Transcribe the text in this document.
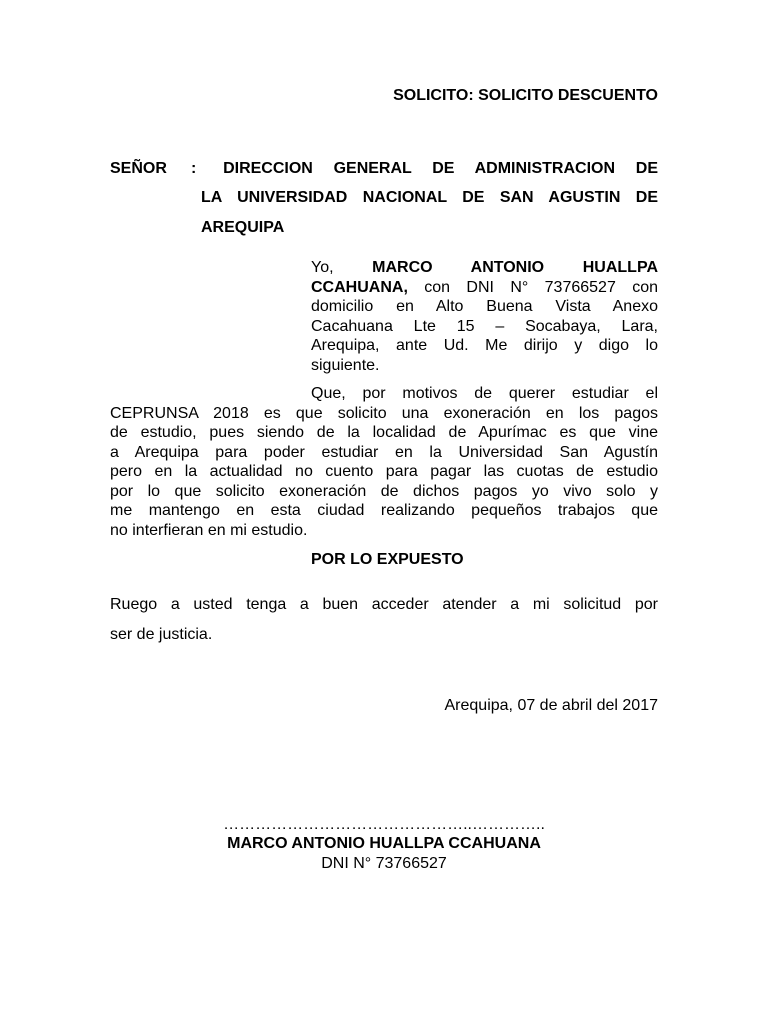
SOLICITO: SOLICITO DESCUENTO
SEÑOR : DIRECCION GENERAL DE ADMINISTRACION DE
LA UNIVERSIDAD NACIONAL DE SAN AGUSTIN DE
AREQUIPA
Yo, MARCO ANTONIO HUALLPA
CCAHUANA, con DNI N° 73766527 con
domicilio en Alto Buena Vista Anexo
Cacahuana Lte 15 – Socabaya, Lara,
Arequipa, ante Ud. Me dirijo y digo lo
siguiente.
Que, por motivos de querer estudiar el
CEPRUNSA 2018 es que solicito una exoneración en los pagos
de estudio, pues siendo de la localidad de Apurímac es que vine
a Arequipa para poder estudiar en la Universidad San Agustín
pero en la actualidad no cuento para pagar las cuotas de estudio
por lo que solicito exoneración de dichos pagos yo vivo solo y
me mantengo en esta ciudad realizando pequeños trabajos que
no interfieran en mi estudio.
POR LO EXPUESTO
Ruego a usted tenga a buen acceder atender a mi solicitud por
ser de justicia.
Arequipa, 07 de abril del 2017
………………………………………..…………..
MARCO ANTONIO HUALLPA CCAHUANA
DNI N° 73766527
